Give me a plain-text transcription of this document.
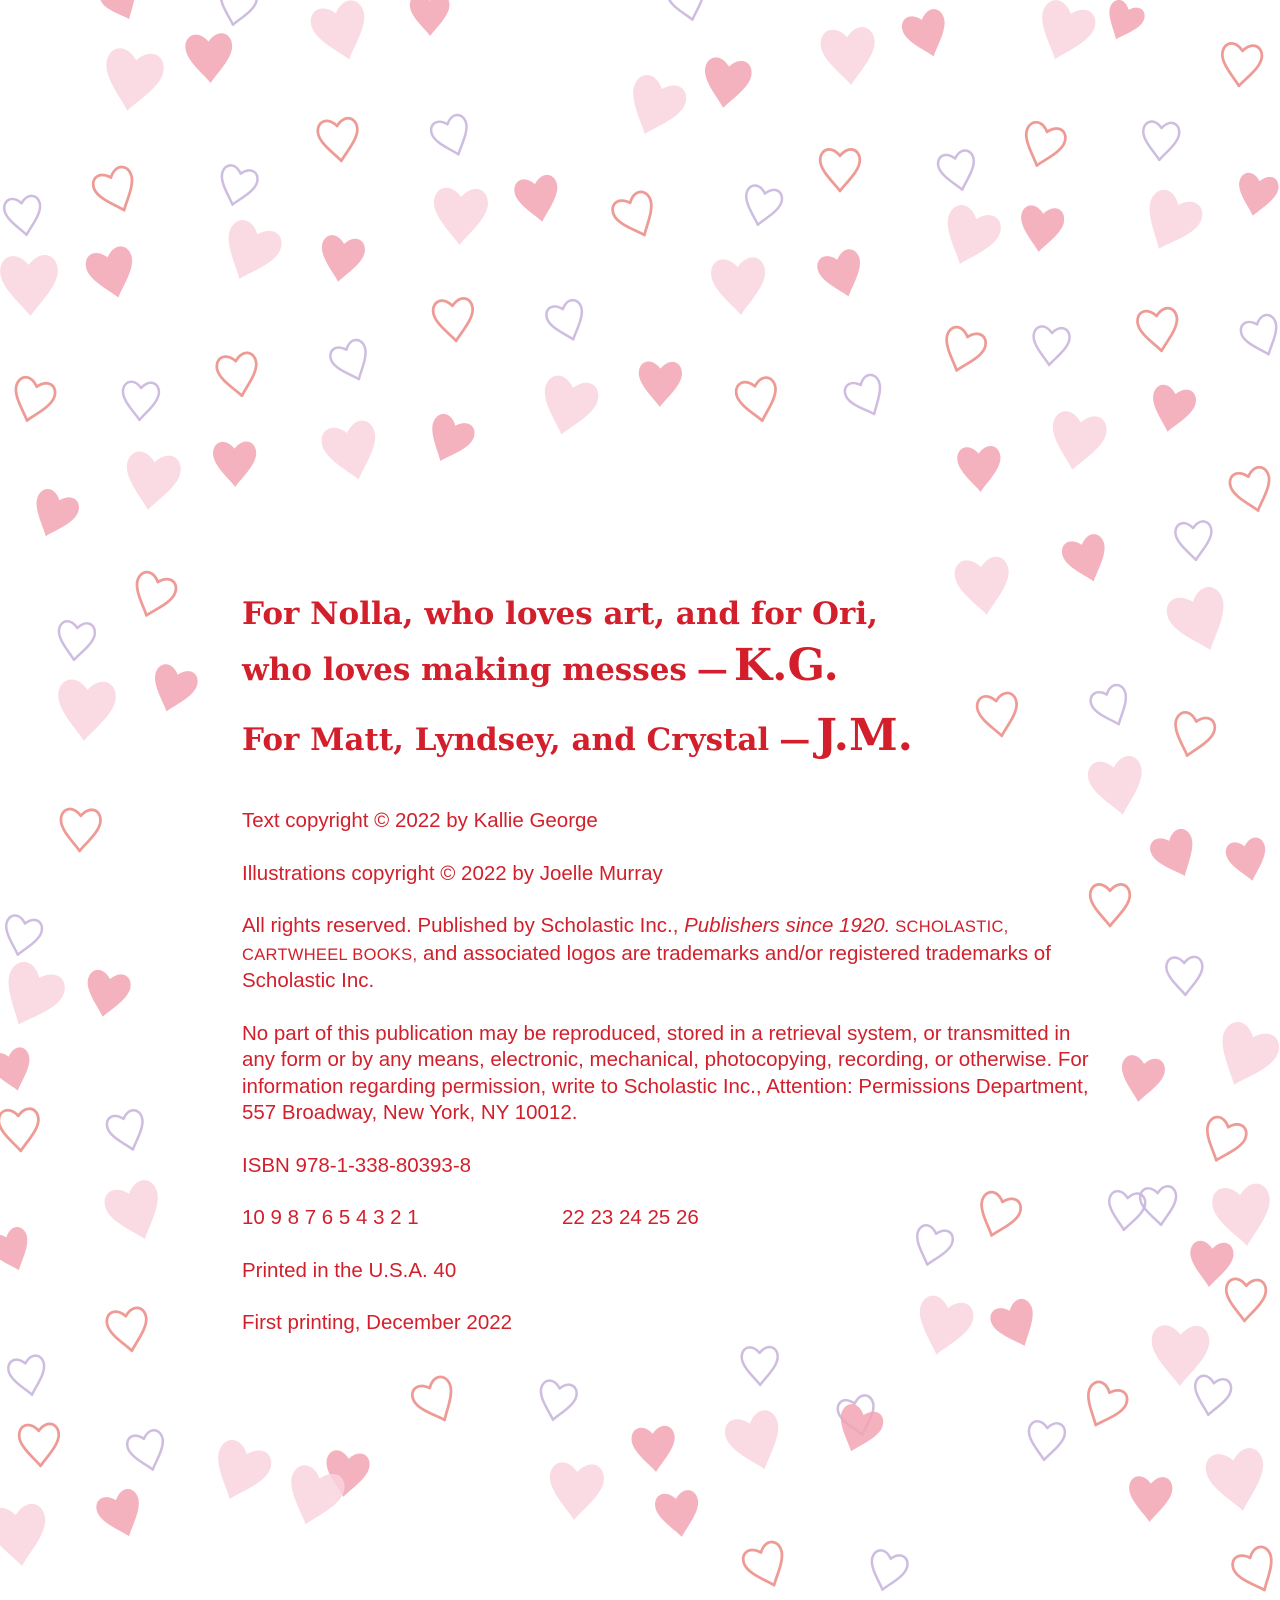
For Nolla, who loves art, and for Ori,
who loves making messes — K.G.
For Matt, Lyndsey, and Crystal — J.M.

Text copyright © 2022 by Kallie George

Illustrations copyright © 2022 by Joelle Murray

All rights reserved. Published by Scholastic Inc., Publishers since 1920. SCHOLASTIC, CARTWHEEL BOOKS, and associated logos are trademarks and/or registered trademarks of Scholastic Inc.

No part of this publication may be reproduced, stored in a retrieval system, or transmitted in any form or by any means, electronic, mechanical, photocopying, recording, or otherwise. For information regarding permission, write to Scholastic Inc., Attention: Permissions Department, 557 Broadway, New York, NY 10012.

ISBN 978-1-338-80393-8

10 9 8 7 6 5 4 3 2 1	22 23 24 25 26

Printed in the U.S.A. 40

First printing, December 2022
